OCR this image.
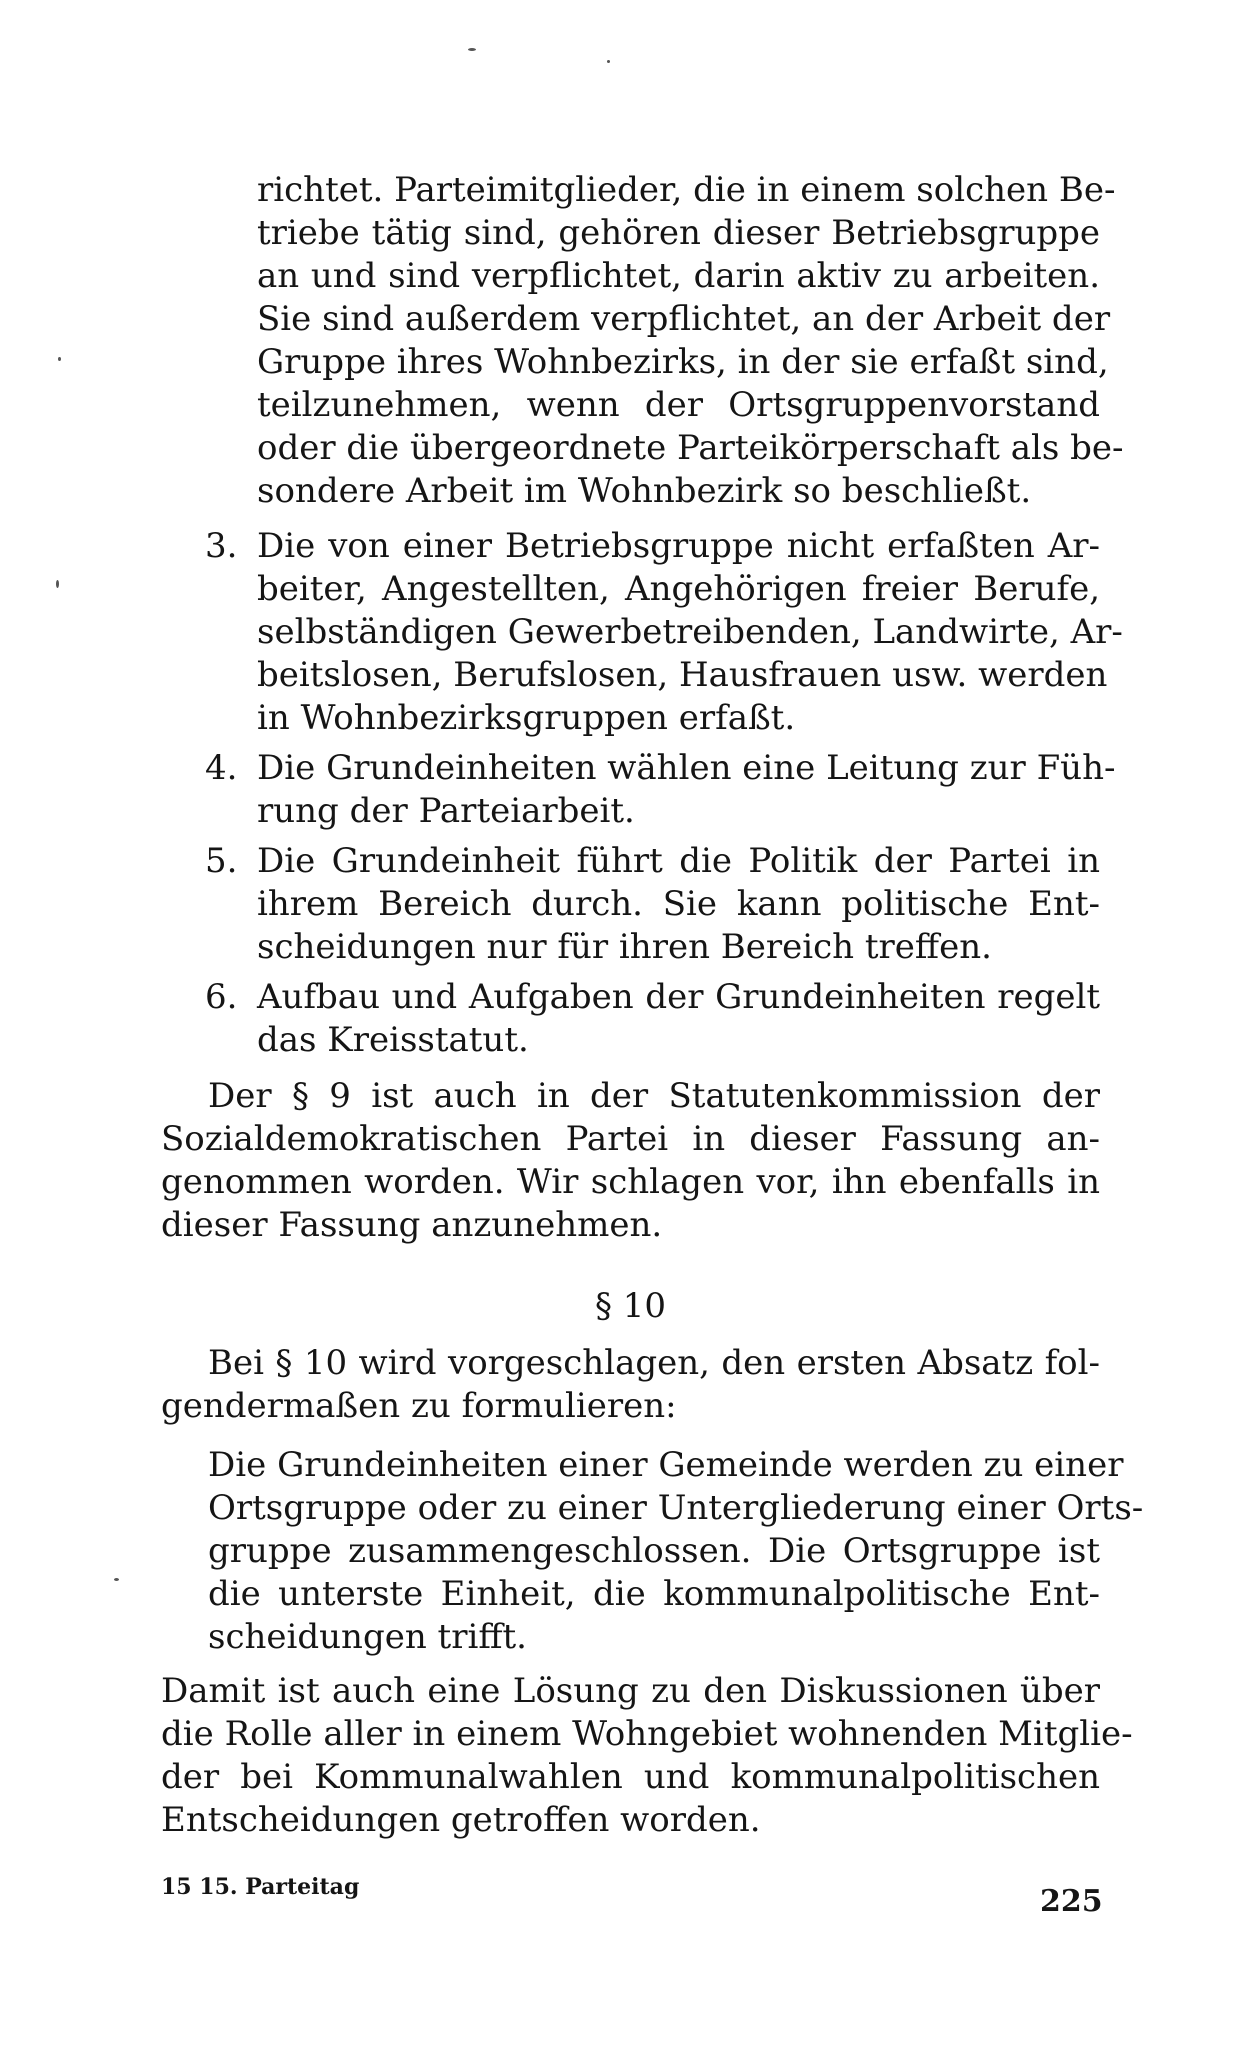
richtet. Parteimitglieder, die in einem solchen Be-
triebe tätig sind, gehören dieser Betriebsgruppe
an und sind verpflichtet, darin aktiv zu arbeiten.
Sie sind außerdem verpflichtet, an der Arbeit der
Gruppe ihres Wohnbezirks, in der sie erfaßt sind,
teilzunehmen, wenn der Ortsgruppenvorstand
oder die übergeordnete Parteikörperschaft als be-
sondere Arbeit im Wohnbezirk so beschließt.
3. Die von einer Betriebsgruppe nicht erfaßten Ar-
beiter, Angestellten, Angehörigen freier Berufe,
selbständigen Gewerbetreibenden, Landwirte, Ar-
beitslosen, Berufslosen, Hausfrauen usw. werden
in Wohnbezirksgruppen erfaßt.
4. Die Grundeinheiten wählen eine Leitung zur Füh-
rung der Parteiarbeit.
5. Die Grundeinheit führt die Politik der Partei in
ihrem Bereich durch. Sie kann politische Ent-
scheidungen nur für ihren Bereich treffen.
6. Aufbau und Aufgaben der Grundeinheiten regelt
das Kreisstatut.
Der § 9 ist auch in der Statutenkommission der
Sozialdemokratischen Partei in dieser Fassung an-
genommen worden. Wir schlagen vor, ihn ebenfalls in
dieser Fassung anzunehmen.
§ 10
Bei § 10 wird vorgeschlagen, den ersten Absatz fol-
gendermaßen zu formulieren:
Die Grundeinheiten einer Gemeinde werden zu einer
Ortsgruppe oder zu einer Untergliederung einer Orts-
gruppe zusammengeschlossen. Die Ortsgruppe ist
die unterste Einheit, die kommunalpolitische Ent-
scheidungen trifft.
Damit ist auch eine Lösung zu den Diskussionen über
die Rolle aller in einem Wohngebiet wohnenden Mitglie-
der bei Kommunalwahlen und kommunalpolitischen
Entscheidungen getroffen worden.
15 15. Parteitag	225
